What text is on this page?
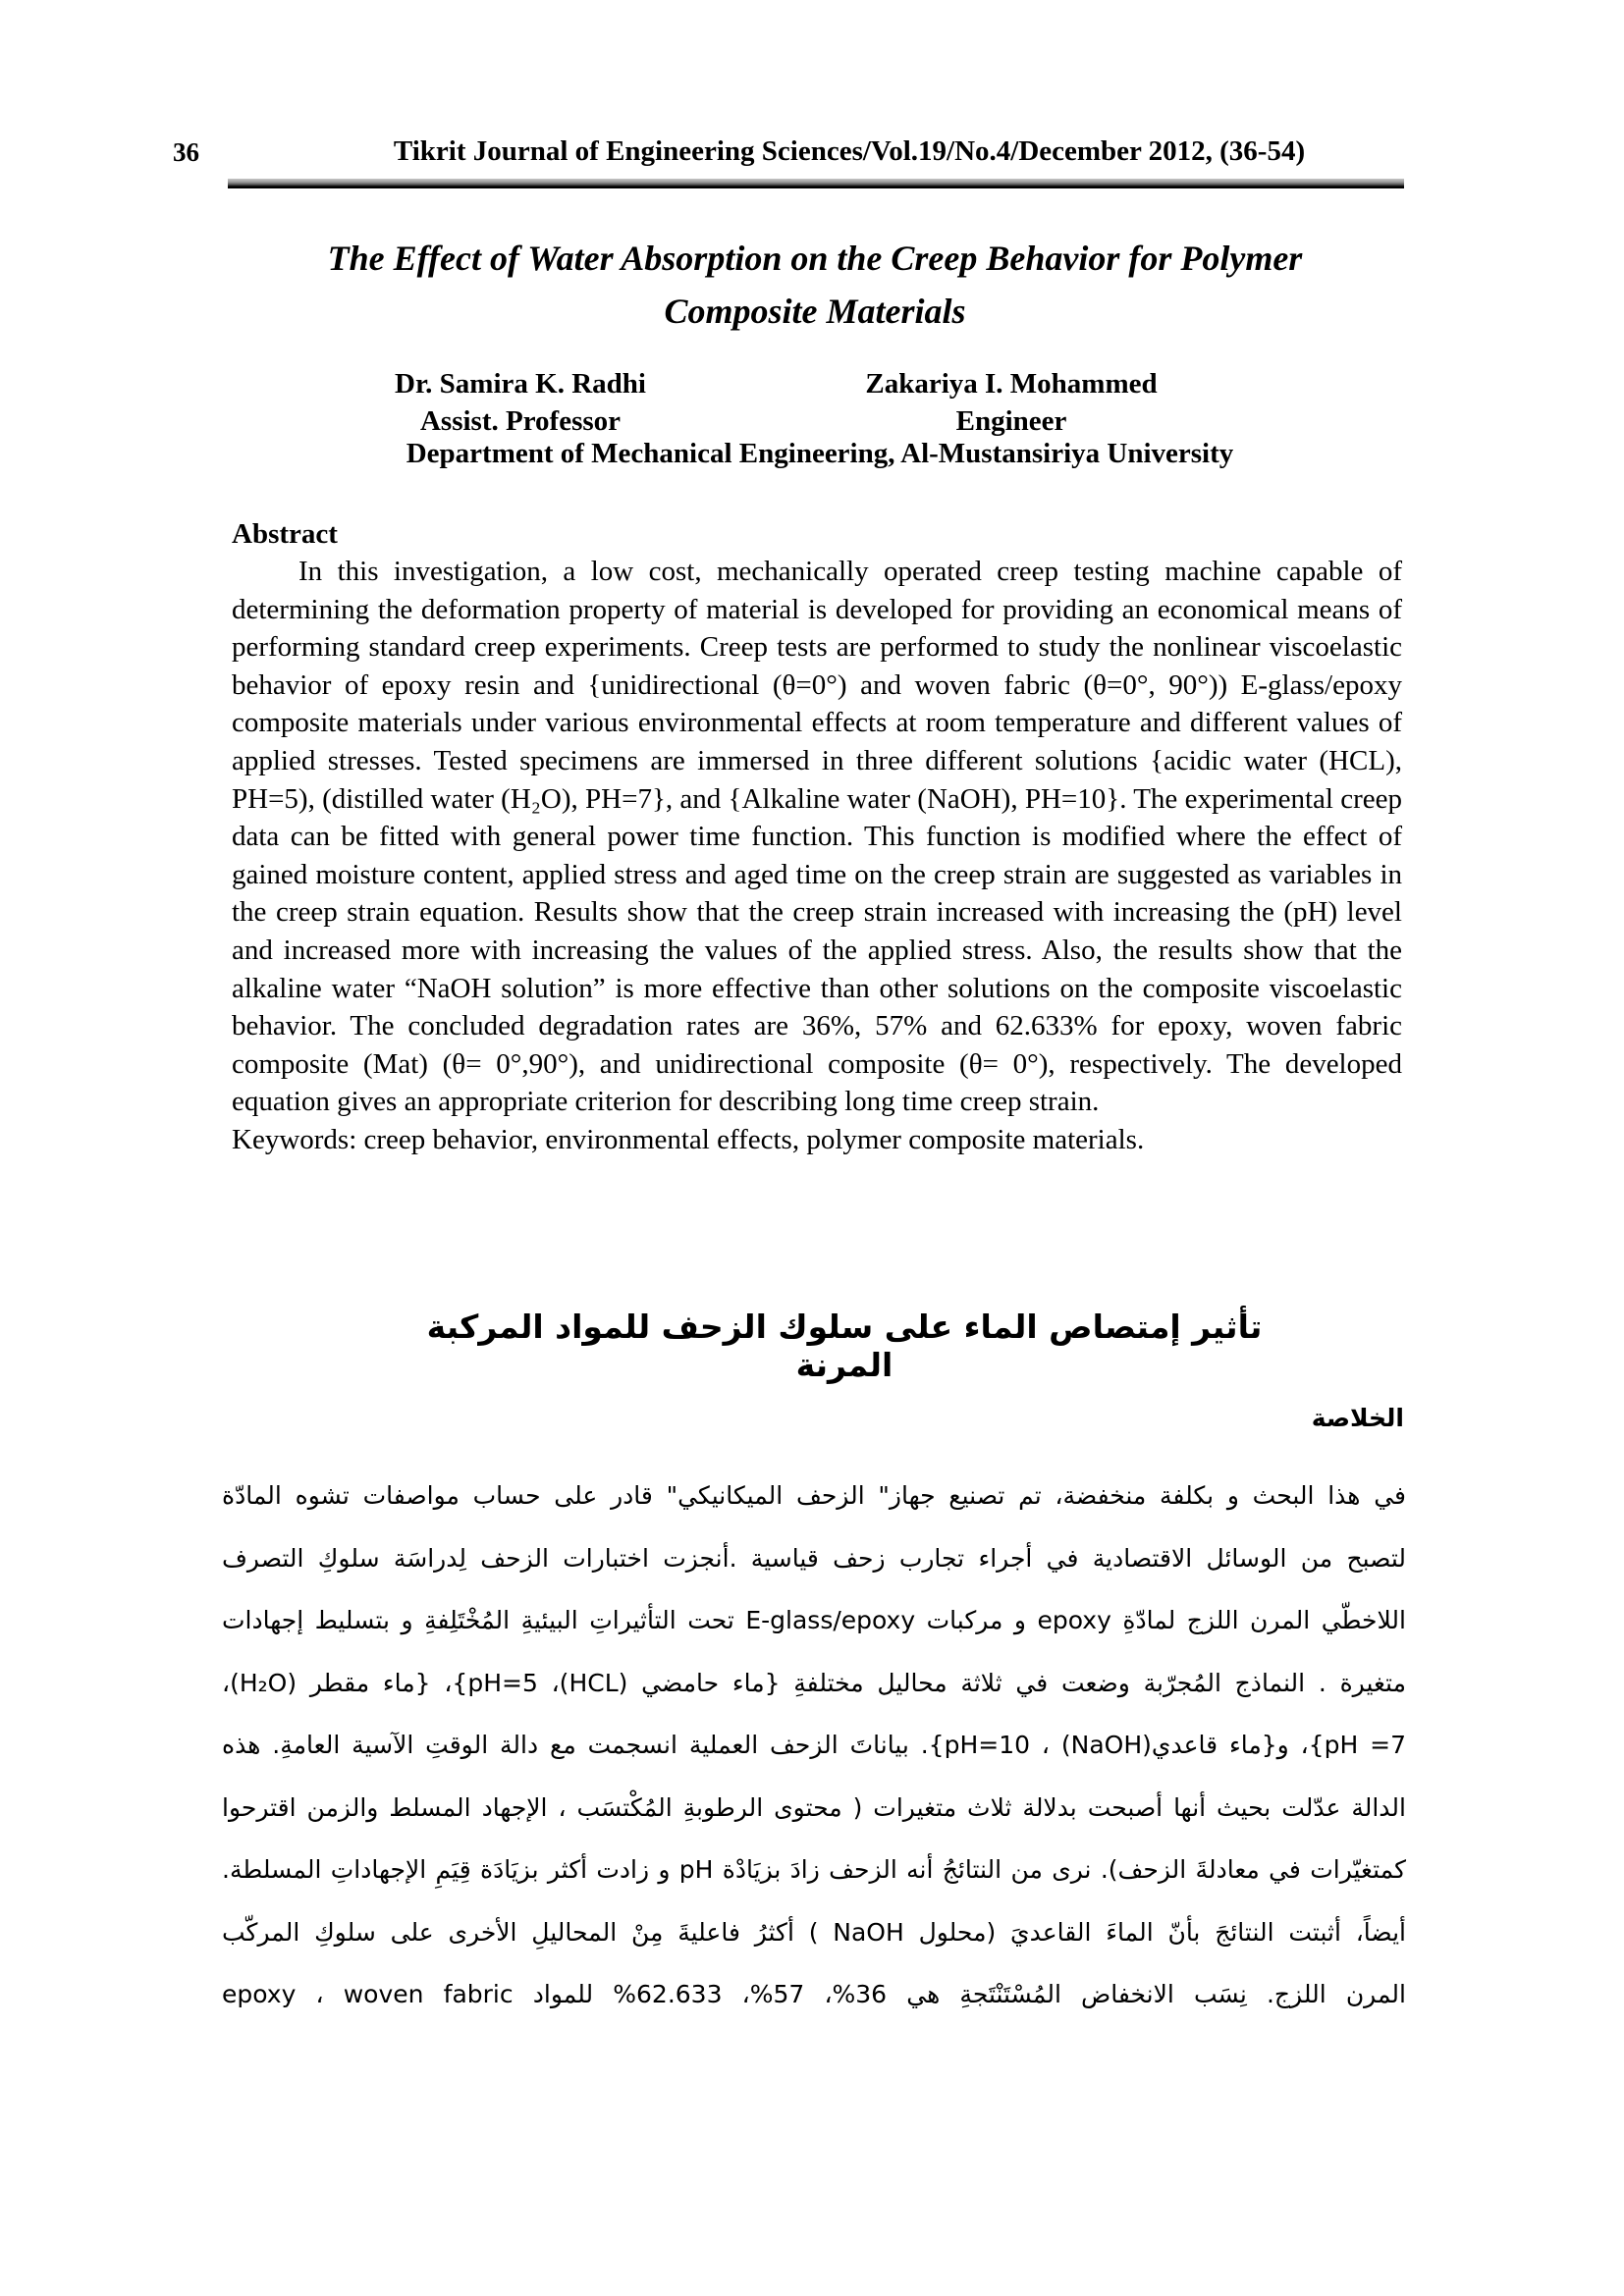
36	Tikrit Journal of Engineering Sciences/Vol.19/No.4/December 2012, (36-54)
The Effect of Water Absorption on the Creep Behavior for Polymer
Composite Materials
Dr. Samira K. Radhi	Zakariya I. Mohammed
Assist. Professor	Engineer
Department of Mechanical Engineering, Al-Mustansiriya University
Abstract

In this investigation, a low cost, mechanically operated creep testing machine capable of determining the deformation property of material is developed for providing an economical means of performing standard creep experiments. Creep tests are performed to study the nonlinear viscoelastic behavior of epoxy resin and {unidirectional (θ=0°) and woven fabric (θ=0°, 90°)) E-glass/epoxy composite materials under various environmental effects at room temperature and different values of applied stresses. Tested specimens are immersed in three different solutions {acidic water (HCL), PH=5), (distilled water (H₂O), PH=7}, and {Alkaline water (NaOH), PH=10}. The experimental creep data can be fitted with general power time function. This function is modified where the effect of gained moisture content, applied stress and aged time on the creep strain are suggested as variables in the creep strain equation. Results show that the creep strain increased with increasing the (pH) level and increased more with increasing the values of the applied stress. Also, the results show that the alkaline water “NaOH solution” is more effective than other solutions on the composite viscoelastic behavior. The concluded degradation rates are 36%, 57% and 62.633% for epoxy, woven fabric composite (Mat) (θ= 0°,90°), and unidirectional composite (θ= 0°), respectively. The developed equation gives an appropriate criterion for describing long time creep strain.

Keywords: creep behavior, environmental effects, polymer composite materials.

تأثير إمتصاص الماء على سلوك الزحف للمواد المركبة المرنة
الخلاصة
في هذا البحث و بكلفة منخفضة، تم تصنيع جهاز" الزحف الميكانيكي" قادر على حساب مواصفات تشوه المادّة
لتصبح من الوسائل الاقتصادية في أجراء تجارب زحف قياسية .أنجزت اختبارات الزحف لِدراسَة سلوكِ التصرف
اللاخطّي المرن اللزج لمادّةِ epoxy و مركبات E-glass/epoxy تحت التأثيراتِ البيئيةِ المُخْتَلِفةِ و بتسليط إجهادات
متغيرة . النماذج المُجرّبة وضعت في ثلاثة محاليل مختلفةِ {ماء حامضي (HCL)، pH=5}، {ماء مقطر (H₂O)،
pH =7}، و{ماء قاعدي(NaOH) ، pH=10}. بياناتَ الزحف العملية انسجمت مع دالة الوقتِ الآسية العامةِ. هذه
الدالة عدّلت بحيث أنها أصبحت بدلالة ثلاث متغيرات ( محتوى الرطوبةِ المُكْتسَب ، الإجهاد المسلط والزمن اقترحوا
كمتغيّرات في معادلةَ الزحف). نرى من النتائجُ أنه الزحف زادَ بزيَادْة pH و زادت أكثر بزيَادَة قِيَمِ الإجهاداتِ المسلطة.
أيضاً، أثبتت النتائجَ بأنّ الماءَ القاعديَ (محلول NaOH ) أكثرُ فاعليةَ مِنْ المحاليلِ الأخرى على سلوكِ المركّب
المرن اللزج. نِسَب الانخفاض المُسْتَنْتَجةِ هي 36%، 57%، 62.633% للمواد epoxy ، woven fabric
